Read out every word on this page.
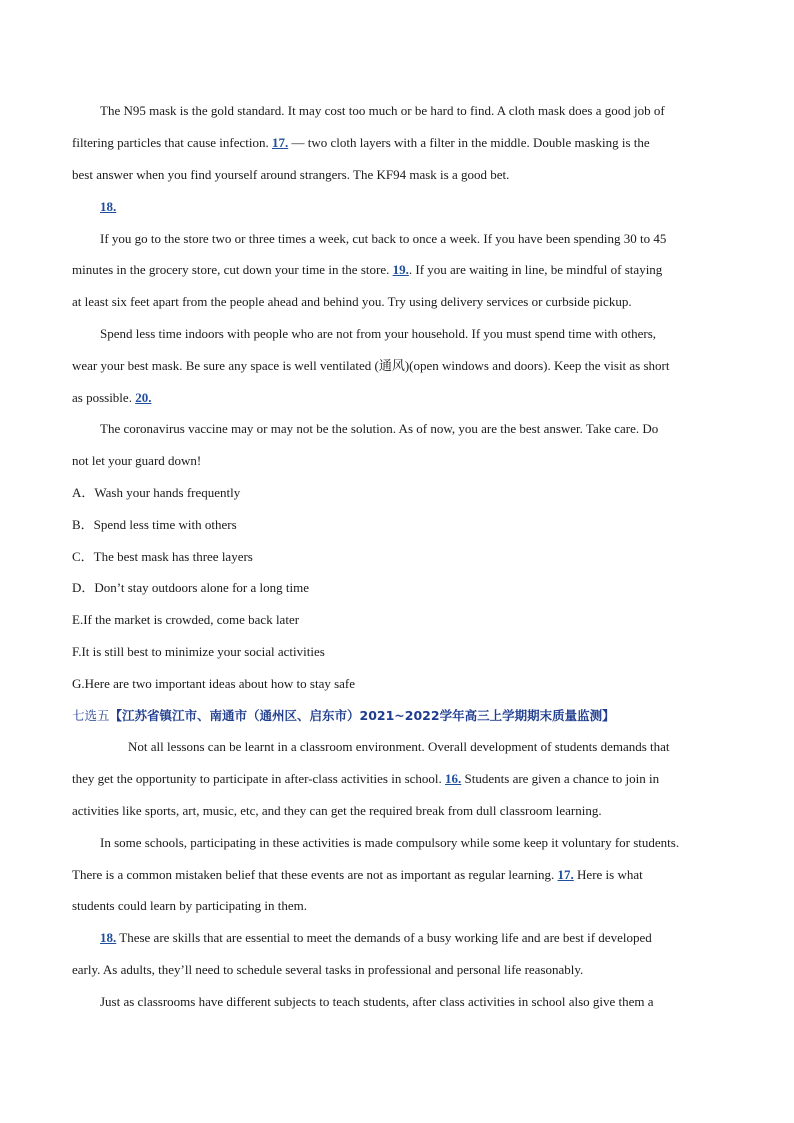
The N95 mask is the gold standard. It may cost too much or be hard to find. A cloth mask does a good job of
filtering particles that cause infection. 17. — two cloth layers with a filter in the middle. Double masking is the
best answer when you find yourself around strangers. The KF94 mask is a good bet.
18.
If you go to the store two or three times a week, cut back to once a week. If you have been spending 30 to 45
minutes in the grocery store, cut down your time in the store. 19.. If you are waiting in line, be mindful of staying
at least six feet apart from the people ahead and behind you. Try using delivery services or curbside pickup.
Spend less time indoors with people who are not from your household. If you must spend time with others,
wear your best mask. Be sure any space is well ventilated (通风)(open windows and doors). Keep the visit as short
as possible. 20.
The coronavirus vaccine may or may not be the solution. As of now, you are the best answer. Take care. Do
not let your guard down!
A．Wash your hands frequently
B．Spend less time with others
C．The best mask has three layers
D．Don’t stay outdoors alone for a long time
E.If the market is crowded, come back later
F.It is still best to minimize your social activities
G.Here are two important ideas about how to stay safe
七选五【江苏省镇江市、南通市（通州区、启东市）2021~2022学年高三上学期期末质量监测】
Not all lessons can be learnt in a classroom environment. Overall development of students demands that
they get the opportunity to participate in after-class activities in school. 16. Students are given a chance to join in
activities like sports, art, music, etc, and they can get the required break from dull classroom learning.
In some schools, participating in these activities is made compulsory while some keep it voluntary for students.
There is a common mistaken belief that these events are not as important as regular learning. 17. Here is what
students could learn by participating in them.
18. These are skills that are essential to meet the demands of a busy working life and are best if developed
early. As adults, they’ll need to schedule several tasks in professional and personal life reasonably.
Just as classrooms have different subjects to teach students, after class activities in school also give them a
